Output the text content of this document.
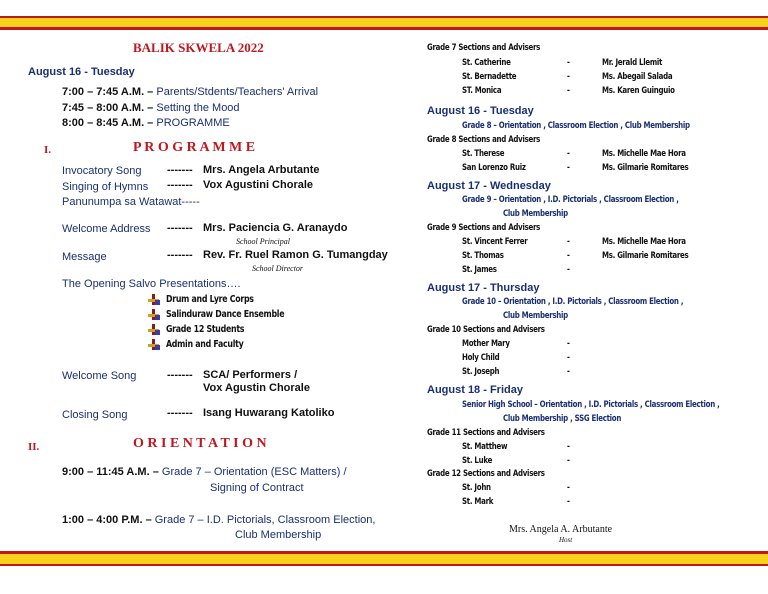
BALIK SKWELA 2022
August 16 - Tuesday
7:00 – 7:45 A.M. – Parents/Stdents/Teachers' Arrival
7:45 – 8:00 A.M. – Setting the Mood
8:00 – 8:45 A.M. – PROGRAMME
I.	P R O G R A M M E
Invocatory Song ------- Mrs. Angela Arbutante
Singing of Hymns ------- Vox Agustini Chorale
Panunumpa sa Watawat-----
Welcome Address ------- Mrs. Paciencia G. Aranaydo
School Principal
Message	------- Rev. Fr. Ruel Ramon G. Tumangday
School Director
The Opening Salvo Presentations….
Drum and Lyre Corps
Salinduraw Dance Ensemble
Grade 12 Students
Admin and Faculty
Welcome Song	------- SCA/ Performers /
Vox Agustin Chorale
Closing Song	------- Isang Huwarang Katoliko
II.	O R I E N T A T I O N
9:00 – 11:45 A.M. – Grade 7 – Orientation (ESC Matters) /
Signing of Contract
1:00 – 4:00 P.M. – Grade 7 – I.D. Pictorials, Classroom Election,
Club Membership
Grade 7 Sections and Advisers
St. Catherine	-	Mr. Jerald Llemit
St. Bernadette	-	Ms. Abegail Salada
ST. Monica	-	Ms. Karen Guinguio
August 16 - Tuesday
Grade 8 – Orientation , Classroom Election , Club Membership
Grade 8 Sections and Advisers
St. Therese	-	Ms. Michelle Mae Hora
San Lorenzo Ruiz	-	Ms. Gilmarie Romitares
August 17 - Wednesday
Grade 9 – Orientation , I.D. Pictorials , Classroom Election ,
Club Membership
Grade 9 Sections and Advisers
St. Vincent Ferrer	-	Ms. Michelle Mae Hora
St. Thomas	-	Ms. Gilmarie Romitares
St. James	-
August 17 - Thursday
Grade 10 – Orientation , I.D. Pictorials , Classroom Election ,
Club Membership
Grade 10 Sections and Advisers
Mother Mary	-
Holy Child	-
St. Joseph	-
August 18 - Friday
Senior High School – Orientation , I.D. Pictorials , Classroom Election ,
Club Membership , SSG Election
Grade 11 Sections and Advisers
St. Matthew	-
St. Luke	-
Grade 12 Sections and Advisers
St. John	-
St. Mark	-
Mrs. Angela A. Arbutante
Host
